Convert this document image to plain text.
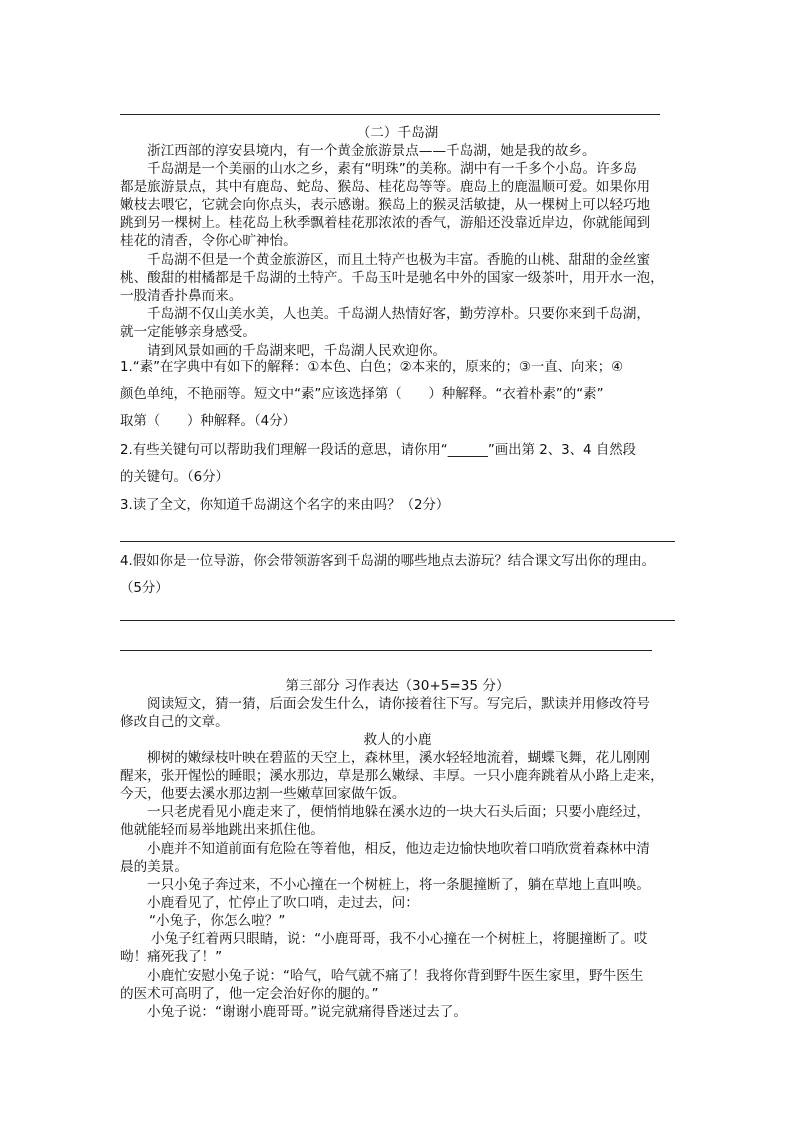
（二）千岛湖
浙江西部的淳安县境内，有一个黄金旅游景点——千岛湖，她是我的故乡。
千岛湖是一个美丽的山水之乡，素有“明珠”的美称。湖中有一千多个小岛。许多岛
都是旅游景点，其中有鹿岛、蛇岛、猴岛、桂花岛等等。鹿岛上的鹿温顺可爱。如果你用
嫩枝去喂它，它就会向你点头，表示感谢。猴岛上的猴灵活敏捷，从一棵树上可以轻巧地
跳到另一棵树上。桂花岛上秋季飘着桂花那浓浓的香气，游船还没靠近岸边，你就能闻到
桂花的清香，令你心旷神怡。
千岛湖不但是一个黄金旅游区，而且土特产也极为丰富。香脆的山桃、甜甜的金丝蜜
桃、酸甜的柑橘都是千岛湖的土特产。千岛玉叶是驰名中外的国家一级茶叶，用开水一泡，
一股清香扑鼻而来。
千岛湖不仅山美水美，人也美。千岛湖人热情好客，勤劳淳朴。只要你来到千岛湖，
就一定能够亲身感受。
请到风景如画的千岛湖来吧，千岛湖人民欢迎你。
1.“素”在字典中有如下的解释：①本色、白色；②本来的，原来的；③一直、向来；④
颜色单纯，不艳丽等。短文中“素”应该选择第（　　）种解释。“衣着朴素”的“素”
取第（　　）种解释。（4分）
2.有些关键句可以帮助我们理解一段话的意思，请你用“______”画出第 2、3、4 自然段
的关键句。（6分）
3.读了全文，你知道千岛湖这个名字的来由吗？（2分）
4.假如你是一位导游，你会带领游客到千岛湖的哪些地点去游玩？结合课文写出你的理由。
（5分）
第三部分 习作表达（30+5=35 分）
阅读短文，猜一猜，后面会发生什么，请你接着往下写。写完后，默读并用修改符号
修改自己的文章。
救人的小鹿
柳树的嫩绿枝叶映在碧蓝的天空上，森林里，溪水轻轻地流着，蝴蝶飞舞，花儿刚刚
醒来，张开惺忪的睡眼；溪水那边，草是那么嫩绿、丰厚。一只小鹿奔跳着从小路上走来，
今天，他要去溪水那边割一些嫩草回家做午饭。
一只老虎看见小鹿走来了，便悄悄地躲在溪水边的一块大石头后面；只要小鹿经过，
他就能轻而易举地跳出来抓住他。
小鹿并不知道前面有危险在等着他，相反，他边走边愉快地吹着口哨欣赏着森林中清
晨的美景。
一只小兔子奔过来，不小心撞在一个树桩上，将一条腿撞断了，躺在草地上直叫唤。
小鹿看见了，忙停止了吹口哨，走过去，问：
“小兔子，你怎么啦？”
小兔子红着两只眼睛，说：“小鹿哥哥，我不小心撞在一个树桩上，将腿撞断了。哎
呦！痛死我了！”
小鹿忙安慰小兔子说：“哈气，哈气就不痛了！我将你背到野牛医生家里，野牛医生
的医术可高明了，他一定会治好你的腿的。”
小兔子说：“谢谢小鹿哥哥。”说完就痛得昏迷过去了。
